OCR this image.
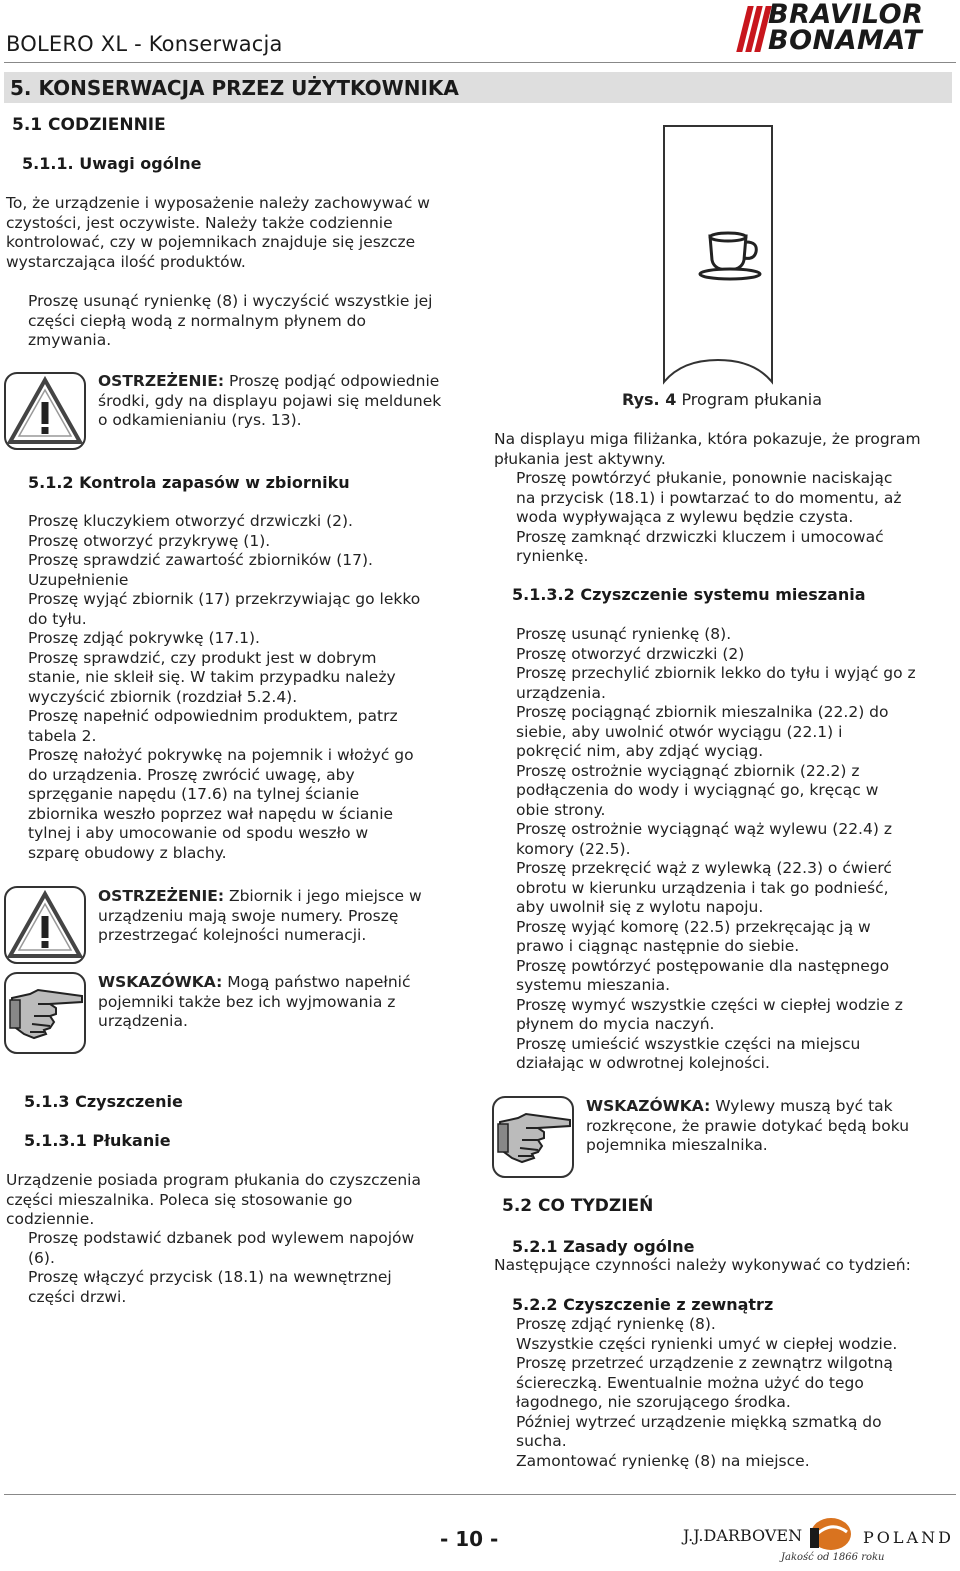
BOLERO XL - Konserwacja
BRAVILOR
BONAMAT
5. KONSERWACJA PRZEZ UŻYTKOWNIKA
5.1 CODZIENNIE
5.1.1. Uwagi ogólne
To, że urządzenie i wyposażenie należy zachowywać w
czystości, jest oczywiste. Należy także codziennie
kontrolować, czy w pojemnikach znajduje się jeszcze
wystarczająca ilość produktów.
Proszę usunąć rynienkę (8) i wyczyścić wszystkie jej
części ciepłą wodą z normalnym płynem do
zmywania.
OSTRZEŻENIE: Proszę podjąć odpowiednie
środki, gdy na displayu pojawi się meldunek
o odkamienianiu (rys. 13).
5.1.2 Kontrola zapasów w zbiorniku
Proszę kluczykiem otworzyć drzwiczki (2).
Proszę otworzyć przykrywę (1).
Proszę sprawdzić zawartość zbiorników (17).
Uzupełnienie
Proszę wyjąć zbiornik (17) przekrzywiając go lekko
do tyłu.
Proszę zdjąć pokrywkę (17.1).
Proszę sprawdzić, czy produkt jest w dobrym
stanie, nie skleił się. W takim przypadku należy
wyczyścić zbiornik (rozdział 5.2.4).
Proszę napełnić odpowiednim produktem, patrz
tabela 2.
Proszę nałożyć pokrywkę na pojemnik i włożyć go
do urządzenia. Proszę zwrócić uwagę, aby
sprzęganie napędu (17.6) na tylnej ścianie
zbiornika weszło poprzez wał napędu w ścianie
tylnej i aby umocowanie od spodu weszło w
szparę obudowy z blachy.
OSTRZEŻENIE: Zbiornik i jego miejsce w
urządzeniu mają swoje numery. Proszę
przestrzegać kolejności numeracji.
WSKAZÓWKA: Mogą państwo napełnić
pojemniki także bez ich wyjmowania z
urządzenia.
5.1.3 Czyszczenie
5.1.3.1 Płukanie
Urządzenie posiada program płukania do czyszczenia
części mieszalnika. Poleca się stosowanie go
codziennie.
Proszę podstawić dzbanek pod wylewem napojów
(6).
Proszę włączyć przycisk (18.1) na wewnętrznej
części drzwi.
Rys. 4 Program płukania
Na displayu miga filiżanka, która pokazuje, że program
płukania jest aktywny.
Proszę powtórzyć płukanie, ponownie naciskając
na przycisk (18.1) i powtarzać to do momentu, aż
woda wypływająca z wylewu będzie czysta.
Proszę zamknąć drzwiczki kluczem i umocować
rynienkę.
5.1.3.2 Czyszczenie systemu mieszania
Proszę usunąć rynienkę (8).
Proszę otworzyć drzwiczki (2)
Proszę przechylić zbiornik lekko do tyłu i wyjąć go z
urządzenia.
Proszę pociągnąć zbiornik mieszalnika (22.2) do
siebie, aby uwolnić otwór wyciągu (22.1) i
pokręcić nim, aby zdjąć wyciąg.
Proszę ostrożnie wyciągnąć zbiornik (22.2) z
podłączenia do wody i wyciągnąć go, kręcąc w
obie strony.
Proszę ostrożnie wyciągnąć wąż wylewu (22.4) z
komory (22.5).
Proszę przekręcić wąż z wylewką (22.3) o ćwierć
obrotu w kierunku urządzenia i tak go podnieść,
aby uwolnił się z wylotu napoju.
Proszę wyjąć komorę (22.5) przekręcając ją w
prawo i ciągnąc następnie do siebie.
Proszę powtórzyć postępowanie dla następnego
systemu mieszania.
Proszę wymyć wszystkie części w ciepłej wodzie z
płynem do mycia naczyń.
Proszę umieścić wszystkie części na miejscu
działając w odwrotnej kolejności.
WSKAZÓWKA: Wylewy muszą być tak
rozkręcone, że prawie dotykać będą boku
pojemnika mieszalnika.
5.2 CO TYDZIEŃ
5.2.1 Zasady ogólne
Następujące czynności należy wykonywać co tydzień:
5.2.2 Czyszczenie z zewnątrz
Proszę zdjąć rynienkę (8).
Wszystkie części rynienki umyć w ciepłej wodzie.
Proszę przetrzeć urządzenie z zewnątrz wilgotną
ściereczką. Ewentualnie można użyć do tego
łagodnego, nie szorującego środka.
Później wytrzeć urządzenie miękką szmatką do
sucha.
Zamontować rynienkę (8) na miejsce.
- 10 -	J.J.DARBOVEN	POLAND
Jakość od 1866 roku
